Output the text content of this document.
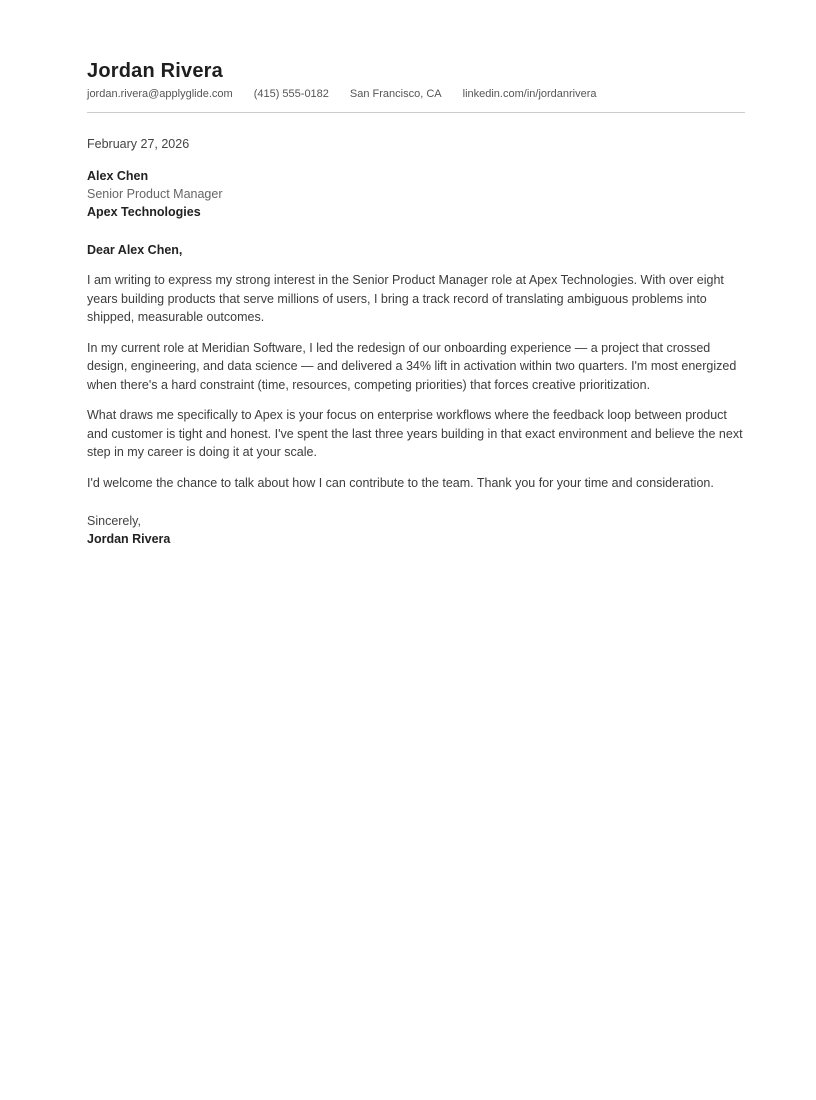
Jordan Rivera
jordan.rivera@applyglide.com (415) 555-0182 San Francisco, CA linkedin.com/in/jordanrivera
February 27, 2026
Alex Chen
Senior Product Manager
Apex Technologies
Dear Alex Chen,

I am writing to express my strong interest in the Senior Product Manager role at Apex Technologies. With over eight years building products that serve millions of users, I bring a track record of translating ambiguous problems into shipped, measurable outcomes.

In my current role at Meridian Software, I led the redesign of our onboarding experience — a project that crossed design, engineering, and data science — and delivered a 34% lift in activation within two quarters. I'm most energized when there's a hard constraint (time, resources, competing priorities) that forces creative prioritization.

What draws me specifically to Apex is your focus on enterprise workflows where the feedback loop between product and customer is tight and honest. I've spent the last three years building in that exact environment and believe the next step in my career is doing it at your scale.

I'd welcome the chance to talk about how I can contribute to the team. Thank you for your time and consideration.

Sincerely,
Jordan Rivera
